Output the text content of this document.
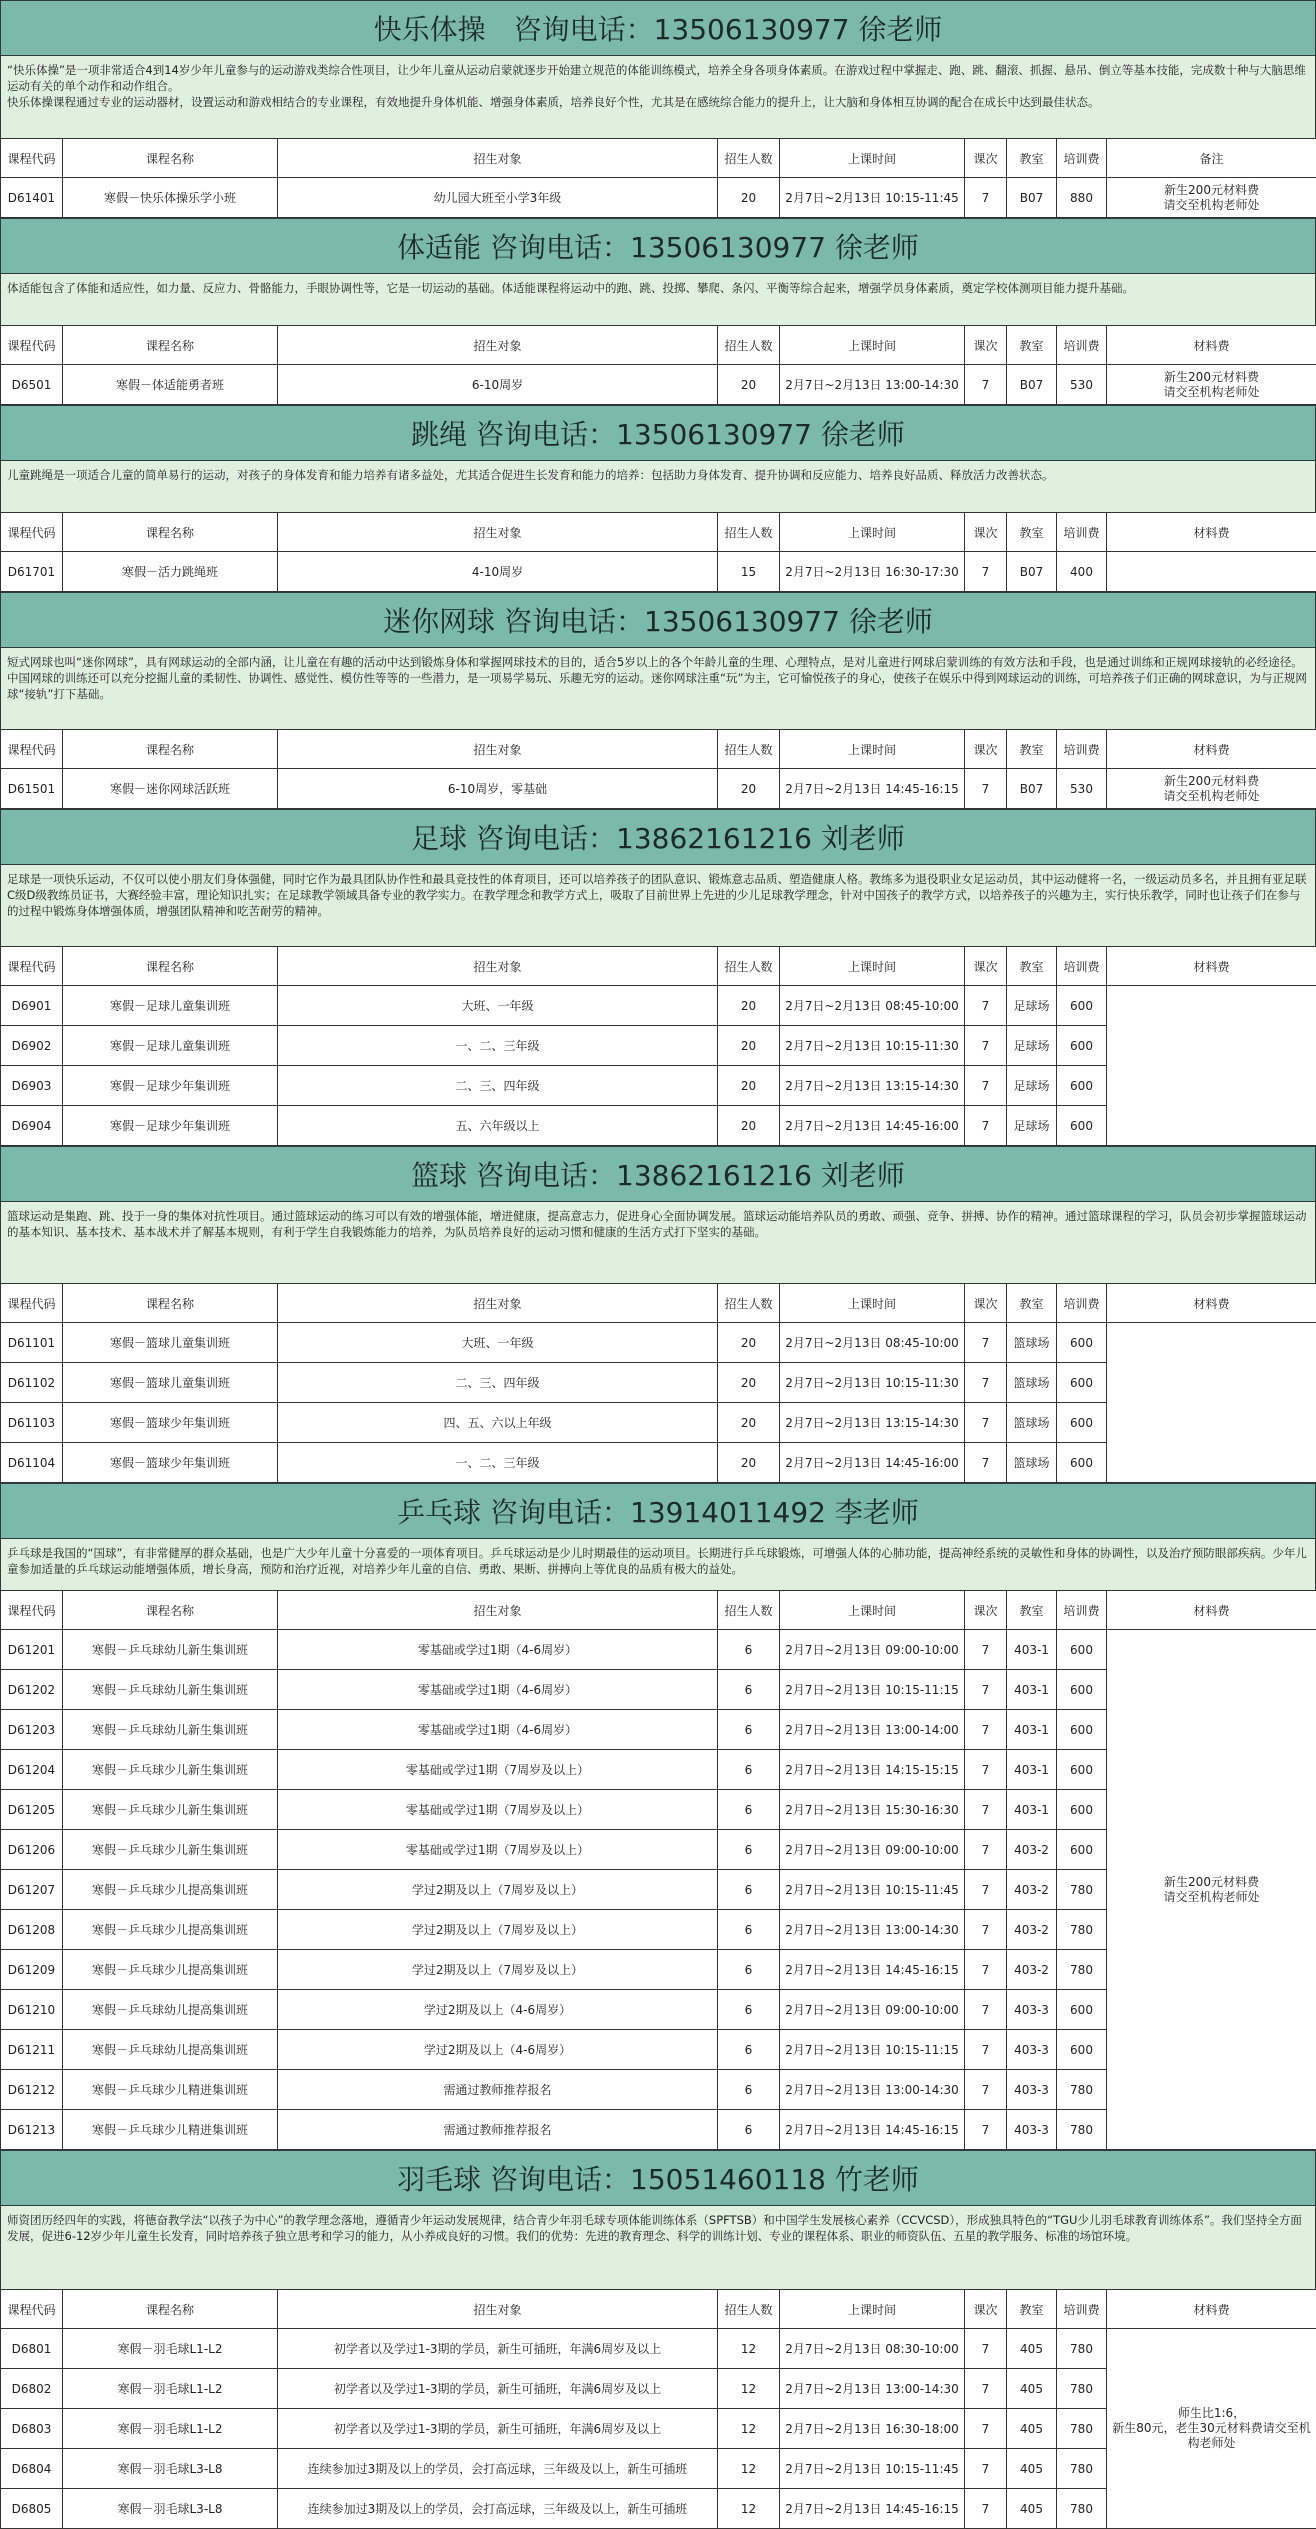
快乐体操　咨询电话：13506130977 徐老师
“快乐体操”是一项非常适合4到14岁少年儿童参与的运动游戏类综合性项目，让少年儿童从运动启蒙就逐步开始建立规范的体能训练模式，培养全身各项身体素质。在游戏过程中掌握走、跑、跳、翻滚、抓握、悬吊、倒立等基本技能，完成数十种与大脑思维运动有关的单个动作和动作组合。
快乐体操课程通过专业的运动器材，设置运动和游戏相结合的专业课程，有效地提升身体机能、增强身体素质，培养良好个性，尤其是在感统综合能力的提升上，让大脑和身体相互协调的配合在成长中达到最佳状态。
课程代码	课程名称	招生对象	招生人数	上课时间	课次	教室	培训费	备注
D61401	寒假－快乐体操乐学小班	幼儿园大班至小学3年级	20	2月7日~2月13日 10:15-11:45	7	B07	880	新生200元材料费
请交至机构老师处
体适能 咨询电话：13506130977 徐老师
体适能包含了体能和适应性，如力量、反应力、骨骼能力，手眼协调性等，它是一切运动的基础。体适能课程将运动中的跑、跳、投掷、攀爬、条闪、平衡等综合起来，增强学员身体素质，奠定学校体测项目能力提升基础。
课程代码	课程名称	招生对象	招生人数	上课时间	课次	教室	培训费	材料费
D6501	寒假－体适能勇者班	6-10周岁	20	2月7日~2月13日 13:00-14:30	7	B07	530	新生200元材料费
请交至机构老师处
跳绳 咨询电话：13506130977 徐老师
儿童跳绳是一项适合儿童的简单易行的运动，对孩子的身体发育和能力培养有诸多益处，尤其适合促进生长发育和能力的培养：包括助力身体发育、提升协调和反应能力、培养良好品质、释放活力改善状态。
课程代码	课程名称	招生对象	招生人数	上课时间	课次	教室	培训费	材料费
D61701	寒假－活力跳绳班	4-10周岁	15	2月7日~2月13日 16:30-17:30	7	B07	400	
迷你网球 咨询电话：13506130977 徐老师
短式网球也叫“迷你网球”，具有网球运动的全部内涵，让儿童在有趣的活动中达到锻炼身体和掌握网球技术的目的，适合5岁以上的各个年龄儿童的生理、心理特点，是对儿童进行网球启蒙训练的有效方法和手段，也是通过训练和正规网球接轨的必经途径。中国网球的训练还可以充分挖掘儿童的柔韧性、协调性、感觉性、模仿性等等的一些潜力，是一项易学易玩、乐趣无穷的运动。迷你网球注重“玩”为主，它可愉悦孩子的身心，使孩子在娱乐中得到网球运动的训练，可培养孩子们正确的网球意识，为与正规网球“接轨”打下基础。
课程代码	课程名称	招生对象	招生人数	上课时间	课次	教室	培训费	材料费
D61501	寒假－迷你网球活跃班	6-10周岁，零基础	20	2月7日~2月13日 14:45-16:15	7	B07	530	新生200元材料费
请交至机构老师处
足球 咨询电话：13862161216 刘老师
足球是一项快乐运动，不仅可以使小朋友们身体强健，同时它作为最具团队协作性和最具竞技性的体育项目，还可以培养孩子的团队意识、锻炼意志品质、塑造健康人格。教练多为退役职业女足运动员，其中运动健将一名，一级运动员多名，并且拥有亚足联C级D级教练员证书，大赛经验丰富，理论知识扎实；在足球教学领域具备专业的教学实力。在教学理念和教学方式上，吸取了目前世界上先进的少儿足球教学理念，针对中国孩子的教学方式，以培养孩子的兴趣为主，实行快乐教学，同时也让孩子们在参与的过程中锻炼身体增强体质，增强团队精神和吃苦耐劳的精神。
课程代码	课程名称	招生对象	招生人数	上课时间	课次	教室	培训费	材料费
D6901	寒假－足球儿童集训班	大班、一年级	20	2月7日~2月13日 08:45-10:00	7	足球场	600	
D6902	寒假－足球儿童集训班	一、二、三年级	20	2月7日~2月13日 10:15-11:30	7	足球场	600	
D6903	寒假－足球少年集训班	二、三、四年级	20	2月7日~2月13日 13:15-14:30	7	足球场	600	
D6904	寒假－足球少年集训班	五、六年级以上	20	2月7日~2月13日 14:45-16:00	7	足球场	600	
篮球 咨询电话：13862161216 刘老师
篮球运动是集跑、跳、投于一身的集体对抗性项目。通过篮球运动的练习可以有效的增强体能，增进健康，提高意志力，促进身心全面协调发展。篮球运动能培养队员的勇敢、顽强、竞争、拼搏、协作的精神。通过篮球课程的学习，队员会初步掌握篮球运动的基本知识、基本技术、基本战术并了解基本规则，有利于学生自我锻炼能力的培养，为队员培养良好的运动习惯和健康的生活方式打下坚实的基础。
课程代码	课程名称	招生对象	招生人数	上课时间	课次	教室	培训费	材料费
D61101	寒假－篮球儿童集训班	大班、一年级	20	2月7日~2月13日 08:45-10:00	7	篮球场	600	
D61102	寒假－篮球儿童集训班	二、三、四年级	20	2月7日~2月13日 10:15-11:30	7	篮球场	600	
D61103	寒假－篮球少年集训班	四、五、六以上年级	20	2月7日~2月13日 13:15-14:30	7	篮球场	600	
D61104	寒假－篮球少年集训班	一、二、三年级	20	2月7日~2月13日 14:45-16:00	7	篮球场	600	
乒乓球 咨询电话：13914011492 李老师
乒乓球是我国的“国球”，有非常健厚的群众基础，也是广大少年儿童十分喜爱的一项体育项目。乒乓球运动是少儿时期最佳的运动项目。长期进行乒乓球锻炼，可增强人体的心肺功能，提高神经系统的灵敏性和身体的协调性，以及治疗预防眼部疾病。少年儿童参加适量的乒乓球运动能增强体质，增长身高，预防和治疗近视，对培养少年儿童的自信、勇敢、果断、拼搏向上等优良的品质有极大的益处。
课程代码	课程名称	招生对象	招生人数	上课时间	课次	教室	培训费	材料费
D61201	寒假－乒乓球幼儿新生集训班	零基础或学过1期（4-6周岁）	6	2月7日~2月13日 09:00-10:00	7	403-1	600	新生200元材料费
请交至机构老师处
D61202	寒假－乒乓球幼儿新生集训班	零基础或学过1期（4-6周岁）	6	2月7日~2月13日 10:15-11:15	7	403-1	600	
D61203	寒假－乒乓球幼儿新生集训班	零基础或学过1期（4-6周岁）	6	2月7日~2月13日 13:00-14:00	7	403-1	600	
D61204	寒假－乒乓球少儿新生集训班	零基础或学过1期（7周岁及以上）	6	2月7日~2月13日 14:15-15:15	7	403-1	600	
D61205	寒假－乒乓球少儿新生集训班	零基础或学过1期（7周岁及以上）	6	2月7日~2月13日 15:30-16:30	7	403-1	600	
D61206	寒假－乒乓球少儿新生集训班	零基础或学过1期（7周岁及以上）	6	2月7日~2月13日 09:00-10:00	7	403-2	600	
D61207	寒假－乒乓球少儿提高集训班	学过2期及以上（7周岁及以上）	6	2月7日~2月13日 10:15-11:45	7	403-2	780	
D61208	寒假－乒乓球少儿提高集训班	学过2期及以上（7周岁及以上）	6	2月7日~2月13日 13:00-14:30	7	403-2	780	
D61209	寒假－乒乓球少儿提高集训班	学过2期及以上（7周岁及以上）	6	2月7日~2月13日 14:45-16:15	7	403-2	780	
D61210	寒假－乒乓球幼儿提高集训班	学过2期及以上（4-6周岁）	6	2月7日~2月13日 09:00-10:00	7	403-3	600	
D61211	寒假－乒乓球幼儿提高集训班	学过2期及以上（4-6周岁）	6	2月7日~2月13日 10:15-11:15	7	403-3	600	
D61212	寒假－乒乓球少儿精进集训班	需通过教师推荐报名	6	2月7日~2月13日 13:00-14:30	7	403-3	780	
D61213	寒假－乒乓球少儿精进集训班	需通过教师推荐报名	6	2月7日~2月13日 14:45-16:15	7	403-3	780	
羽毛球 咨询电话：15051460118 竹老师
师资团历经四年的实践，将德奋教学法“以孩子为中心”的教学理念落地，遵循青少年运动发展规律，结合青少年羽毛球专项体能训练体系（SPFTSB）和中国学生发展核心素养（CCVCSD），形成独具特色的“TGU少儿羽毛球教育训练体系”。我们坚持全方面发展，促进6-12岁少年儿童生长发育，同时培养孩子独立思考和学习的能力，从小养成良好的习惯。我们的优势：先进的教育理念、科学的训练计划、专业的课程体系、职业的师资队伍、五星的教学服务、标准的场馆环境。
课程代码	课程名称	招生对象	招生人数	上课时间	课次	教室	培训费	材料费
D6801	寒假－羽毛球L1-L2	初学者以及学过1-3期的学员，新生可插班，年满6周岁及以上	12	2月7日~2月13日 08:30-10:00	7	405	780	师生比1:6，
新生80元，老生30元材料费请交至机构老师处
D6802	寒假－羽毛球L1-L2	初学者以及学过1-3期的学员，新生可插班，年满6周岁及以上	12	2月7日~2月13日 13:00-14:30	7	405	780	
D6803	寒假－羽毛球L1-L2	初学者以及学过1-3期的学员，新生可插班，年满6周岁及以上	12	2月7日~2月13日 16:30-18:00	7	405	780	
D6804	寒假－羽毛球L3-L8	连续参加过3期及以上的学员，会打高远球，三年级及以上，新生可插班	12	2月7日~2月13日 10:15-11:45	7	405	780	
D6805	寒假－羽毛球L3-L8	连续参加过3期及以上的学员，会打高远球，三年级及以上，新生可插班	12	2月7日~2月13日 14:45-16:15	7	405	780	
